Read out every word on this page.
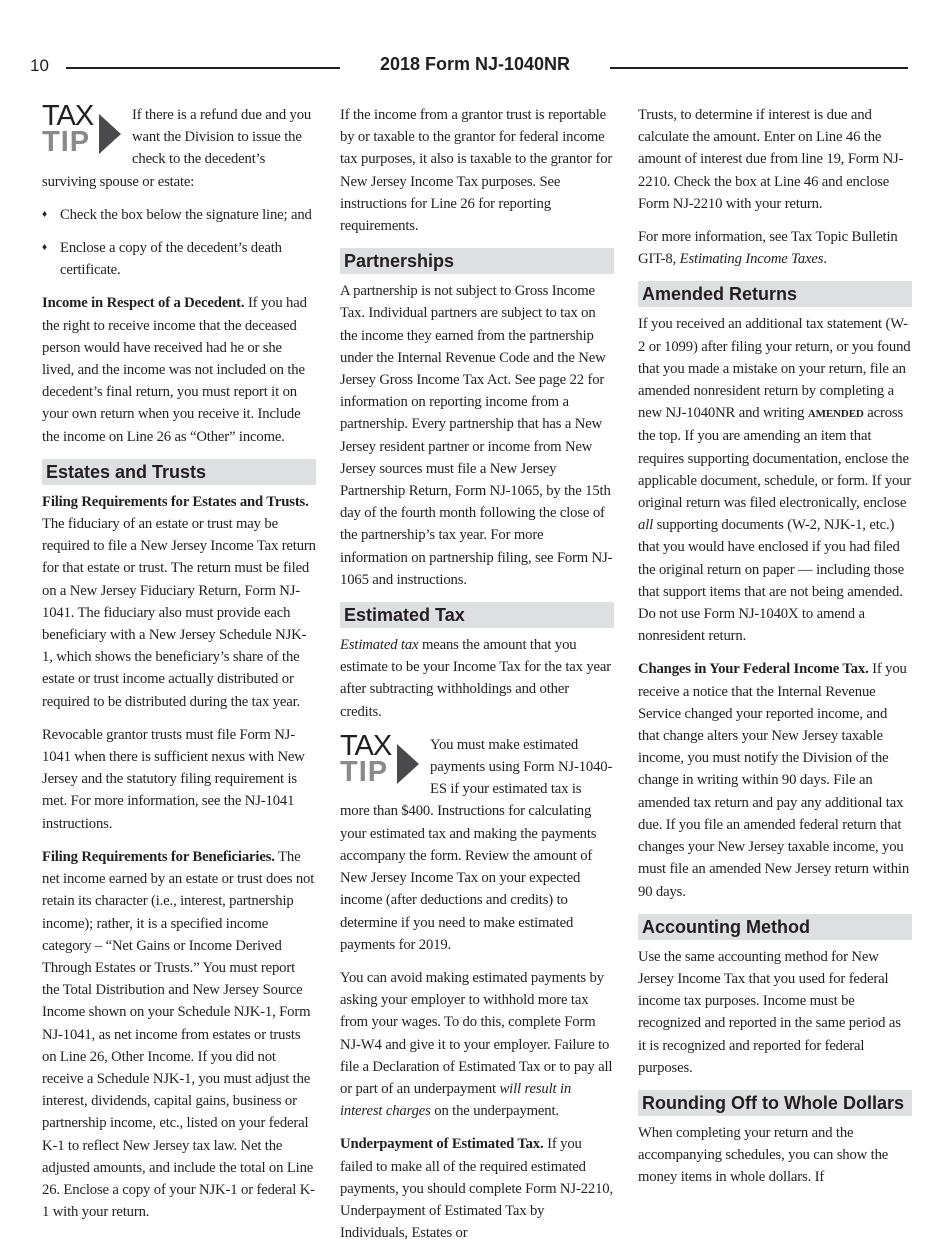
10	2018 Form NJ-1040NR

TAX
TIP
If there is a refund due and you want the Division to issue the check to the decedent’s surviving spouse or estate:

♦ Check the box below the signature line; and

♦ Enclose a copy of the decedent’s death certificate.

Income in Respect of a Decedent. If you had the right to receive income that the deceased person would have received had he or she lived, and the income was not included on the decedent’s final return, you must report it on your own return when you receive it. Include the income on Line 26 as “Other” income.

Estates and Trusts

Filing Requirements for Estates and Trusts. The fiduciary of an estate or trust may be required to file a New Jersey Income Tax return for that estate or trust. The return must be filed on a New Jersey Fiduciary Return, Form NJ-1041. The fiduciary also must provide each beneficiary with a New Jersey Schedule NJK-1, which shows the beneficiary’s share of the estate or trust income actually distributed or required to be distributed during the tax year.

Revocable grantor trusts must file Form NJ-1041 when there is sufficient nexus with New Jersey and the statutory filing requirement is met. For more information, see the NJ-1041 instructions.

Filing Requirements for Beneficiaries. The net income earned by an estate or trust does not retain its character (i.e., interest, partnership income); rather, it is a specified income category – “Net Gains or Income Derived Through Estates or Trusts.” You must report the Total Distribution and New Jersey Source Income shown on your Schedule NJK-1, Form NJ-1041, as net income from estates or trusts on Line 26, Other Income. If you did not receive a Schedule NJK-1, you must adjust the interest, dividends, capital gains, business or partnership income, etc., listed on your federal K-1 to reflect New Jersey tax law. Net the adjusted amounts, and include the total on Line 26. Enclose a copy of your NJK-1 or federal K-1 with your return.

If the income from a grantor trust is reportable by or taxable to the grantor for federal income tax purposes, it also is taxable to the grantor for New Jersey Income Tax purposes. See instructions for Line 26 for reporting requirements.

Partnerships

A partnership is not subject to Gross Income Tax. Individual partners are subject to tax on the income they earned from the partnership under the Internal Revenue Code and the New Jersey Gross Income Tax Act. See page 22 for information on reporting income from a partnership. Every partnership that has a New Jersey resident partner or income from New Jersey sources must file a New Jersey Partnership Return, Form NJ-1065, by the 15th day of the fourth month following the close of the partnership’s tax year. For more information on partnership filing, see Form NJ-1065 and instructions.

Estimated Tax

Estimated tax means the amount that you estimate to be your Income Tax for the tax year after subtracting withholdings and other credits.

TAX
TIP
You must make estimated payments using Form NJ-1040-ES if your estimated tax is more than $400. Instructions for calculating your estimated tax and making the payments accompany the form. Review the amount of New Jersey Income Tax on your expected income (after deductions and credits) to determine if you need to make estimated payments for 2019.

You can avoid making estimated payments by asking your employer to withhold more tax from your wages. To do this, complete Form NJ-W4 and give it to your employer. Failure to file a Declaration of Estimated Tax or to pay all or part of an underpayment will result in interest charges on the underpayment.

Underpayment of Estimated Tax. If you failed to make all of the required estimated payments, you should complete Form NJ-2210, Underpayment of Estimated Tax by Individuals, Estates or

Trusts, to determine if interest is due and calculate the amount. Enter on Line 46 the amount of interest due from line 19, Form NJ-2210. Check the box at Line 46 and enclose Form NJ-2210 with your return.

For more information, see Tax Topic Bulletin GIT-8, Estimating Income Taxes.

Amended Returns

If you received an additional tax statement (W-2 or 1099) after filing your return, or you found that you made a mistake on your return, file an amended nonresident return by completing a new NJ-1040NR and writing AMENDED across the top. If you are amending an item that requires supporting documentation, enclose the applicable document, schedule, or form. If your original return was filed electronically, enclose all supporting documents (W-2, NJK-1, etc.) that you would have enclosed if you had filed the original return on paper — including those that support items that are not being amended. Do not use Form NJ-1040X to amend a nonresident return.

Changes in Your Federal Income Tax. If you receive a notice that the Internal Revenue Service changed your reported income, and that change alters your New Jersey taxable income, you must notify the Division of the change in writing within 90 days. File an amended tax return and pay any additional tax due. If you file an amended federal return that changes your New Jersey taxable income, you must file an amended New Jersey return within 90 days.

Accounting Method

Use the same accounting method for New Jersey Income Tax that you used for federal income tax purposes. Income must be recognized and reported in the same period as it is recognized and reported for federal purposes.

Rounding Off to Whole Dollars

When completing your return and the accompanying schedules, you can show the money items in whole dollars. If
